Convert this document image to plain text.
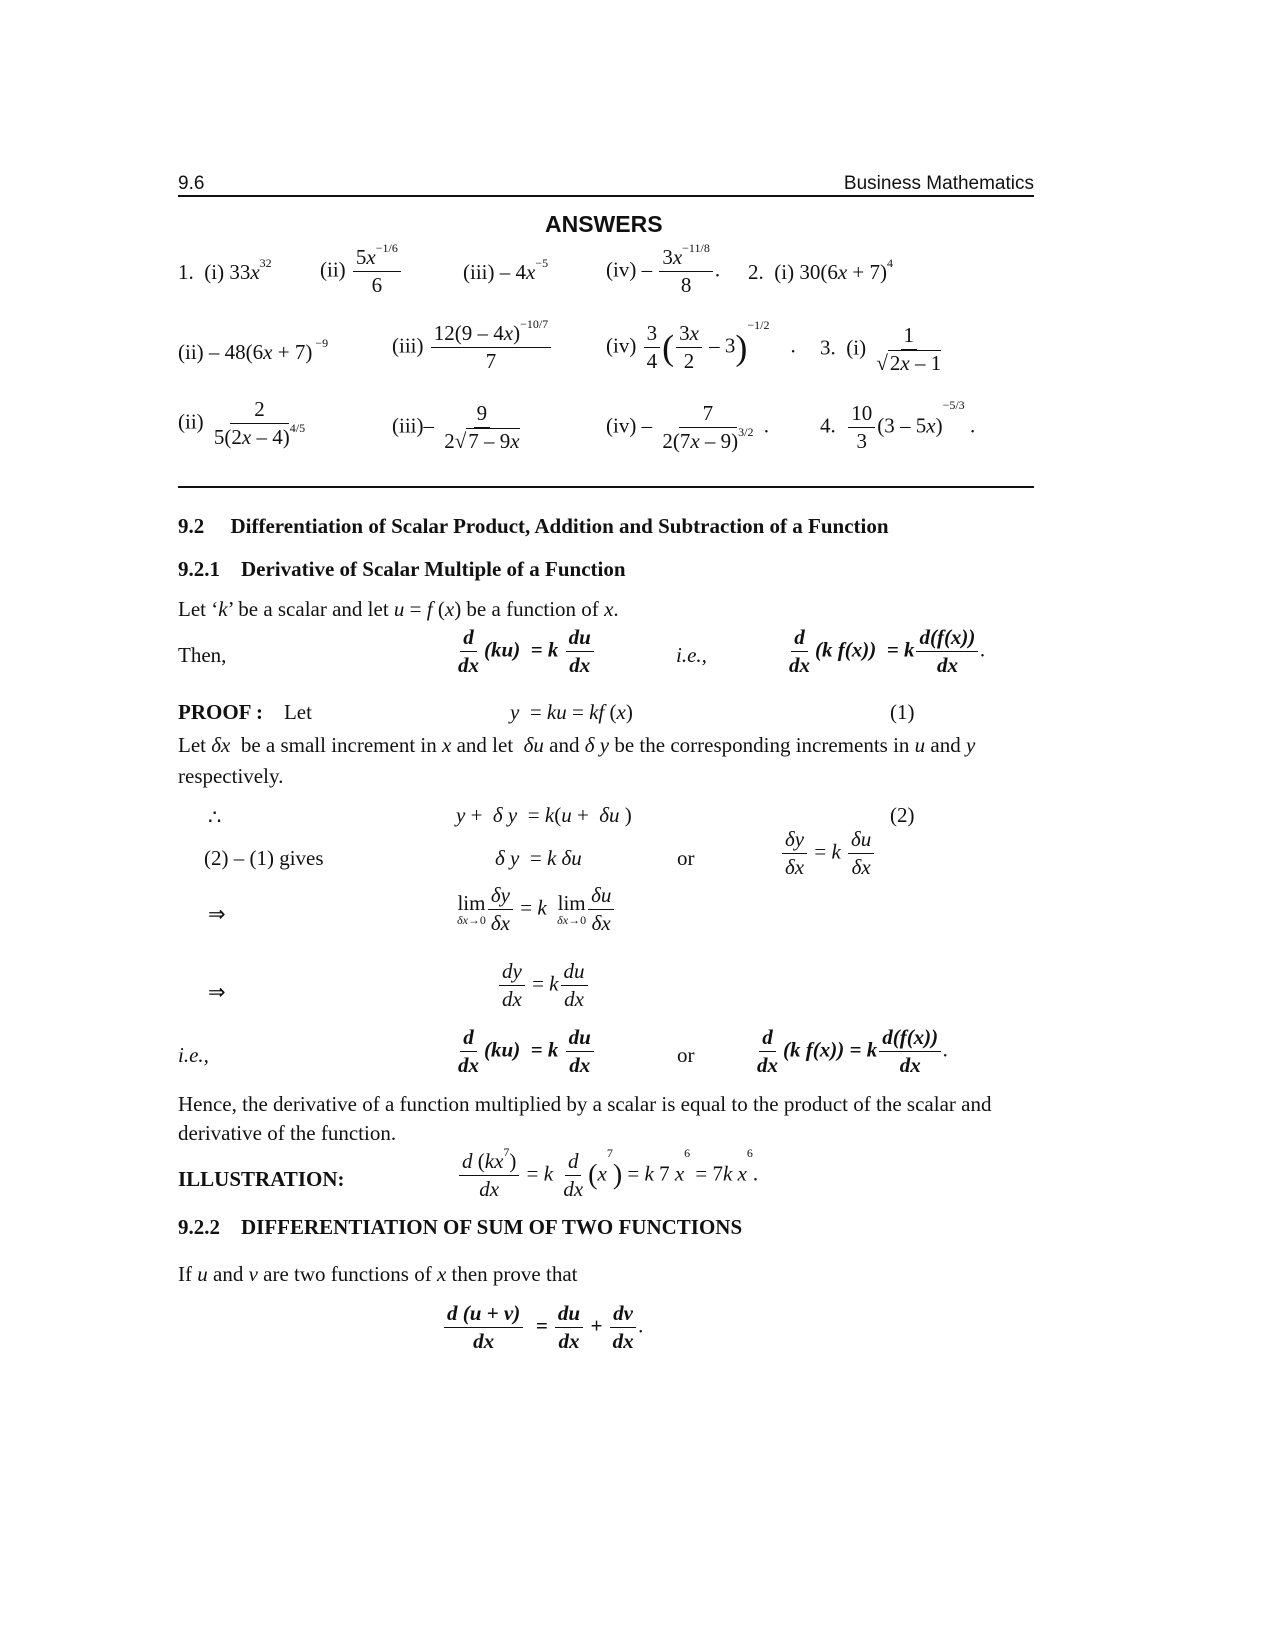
9.6	Business Mathematics
ANSWERS
1.  (i) $33x^{32}$ $(ii) \frac{5x^{-1/6}}{6}$	$(iii) - 4x^{-5}$	$(iv) - \frac{3x^{-11/8}}{8}$ . 2.  (i) $30(6x + 7)^4$
(ii) – 48(6x + 7) $^{-9}$	$(iii) \frac{12(9 - 4x)^{-10/7}}{7}$	$(iv) \frac{3}{4}$ ( $\frac{3x}{2} - 3)^{-1/2}$    . 3.  $(i) \frac{1}{√2x - 1}$
$(ii) \frac{2}{5(2x - 4)^{4/5}}$	$(iii)- \frac{9}{2√7 - 9x}$	$(iv) - \frac{7}{2(7x - 9)^{3/2}}$ . 4. $\frac{10}{3} (3 - 5x)^{-5/3}$ .
9.2 Differentiation of Scalar Product, Addition and Subtraction of a Function
9.2.1 Derivative of Scalar Multiple of a Function
Let ‘k’ be a scalar and let u = f (x) be a function of x.
Then,	$\frac{d}{dx} (ku) = k \frac{du}{dx}$	i.e.,	$\frac{d}{dx} (k$ f(x))  = k $\frac{d(f(x))}{dx}$ .
PROOF : Let	y  = ku = kf (x)	(1)
Let δx  be a small increment in x and let  δu and δ y be the corresponding increments in u and y
respectively.
∴	y +  δ y  = k(u +  δu )	(2)
(2) – (1) gives	δ y  = k δu	or	$\frac{\delta y}{\delta x} = k \frac{\delta u}{\delta x}$
⇒	lim
$\delta x\to 0 \frac{\delta y}{\delta x} = k$ lim
$\delta x\to 0 \frac{\delta u}{\delta x}$
⇒	$\frac{dy}{dx} = k \frac{du}{dx}$
i.e.,	$\frac{d}{dx} (ku) = k \frac{du}{dx}$	or	$\frac{d}{dx} (k$ f(x)) = k $\frac{d(f(x))}{dx}$ .
Hence, the derivative of a function multiplied by a scalar is equal to the product of the scalar and
derivative of the function.
ILLUSTRATION:	$\frac{d (kx^7)}{dx} = k \frac{d}{dx} (x^7) = k$ 7 $x^6 = 7k$ $x^6$.
9.2.2 DIFFERENTIATION OF SUM OF TWO FUNCTIONS
If u and v are two functions of x then prove that
$\frac{d (u + v)}{dx} = \frac{du}{dx} + \frac{dv}{dx}$ .
